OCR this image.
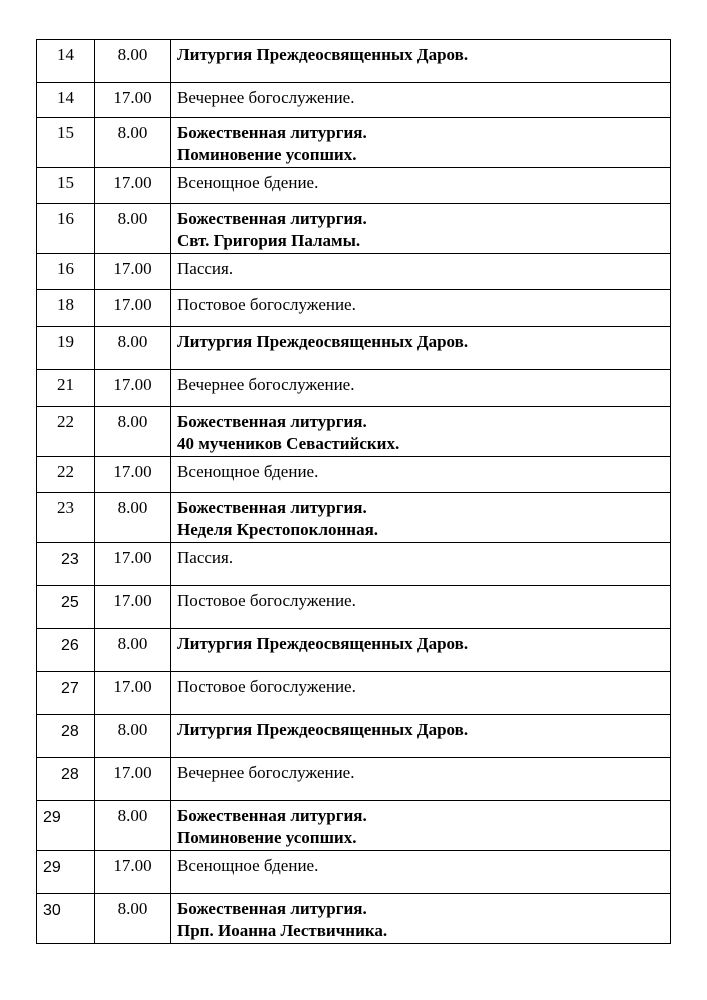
14	8.00	Литургия Преждеосвященных Даров.

14	17.00	Вечернее богослужение.

15	8.00	Божественная литургия.
Поминовение усопших.

15	17.00	Всенощное бдение.

16	8.00	Божественная литургия.
Свт. Григория Паламы.

16	17.00	Пассия.

18	17.00	Постовое богослужение.

19	8.00	Литургия Преждеосвященных Даров.

21	17.00	Вечернее богослужение.

22	8.00	Божественная литургия.
40 мучеников Севастийских.

22	17.00	Всенощное бдение.

23	8.00	Божественная литургия.
Неделя Крестопоклонная.

23	17.00	Пассия.

25	17.00	Постовое богослужение.

26	8.00	Литургия Преждеосвященных Даров.

27	17.00	Постовое богослужение.

28	8.00	Литургия Преждеосвященных Даров.

28	17.00	Вечернее богослужение.

29	8.00	Божественная литургия.
Поминовение усопших.

29	17.00	Всенощное бдение.

30	8.00	Божественная литургия.
Прп. Иоанна Лествичника.
